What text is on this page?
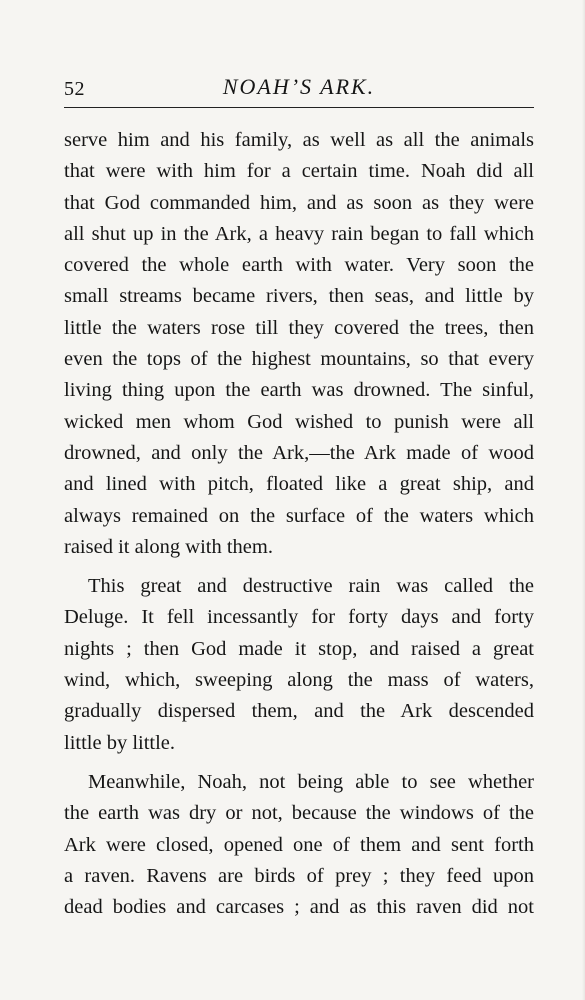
52	NOAH’S ARK.

serve him and his family, as well as all the animals
that were with him for a certain time. Noah did all
that God commanded him, and as soon as they were
all shut up in the Ark, a heavy rain began to fall which
covered the whole earth with water. Very soon the
small streams became rivers, then seas, and little by
little the waters rose till they covered the trees, then
even the tops of the highest mountains, so that every
living thing upon the earth was drowned. The sinful,
wicked men whom God wished to punish were all
drowned, and only the Ark,—the Ark made of wood
and lined with pitch, floated like a great ship, and
always remained on the surface of the waters which
raised it along with them.

This great and destructive rain was called the
Deluge. It fell incessantly for forty days and forty
nights ; then God made it stop, and raised a great
wind, which, sweeping along the mass of waters,
gradually dispersed them, and the Ark descended
little by little.

Meanwhile, Noah, not being able to see whether
the earth was dry or not, because the windows of the
Ark were closed, opened one of them and sent forth
a raven. Ravens are birds of prey ; they feed upon
dead bodies and carcases ; and as this raven did not
